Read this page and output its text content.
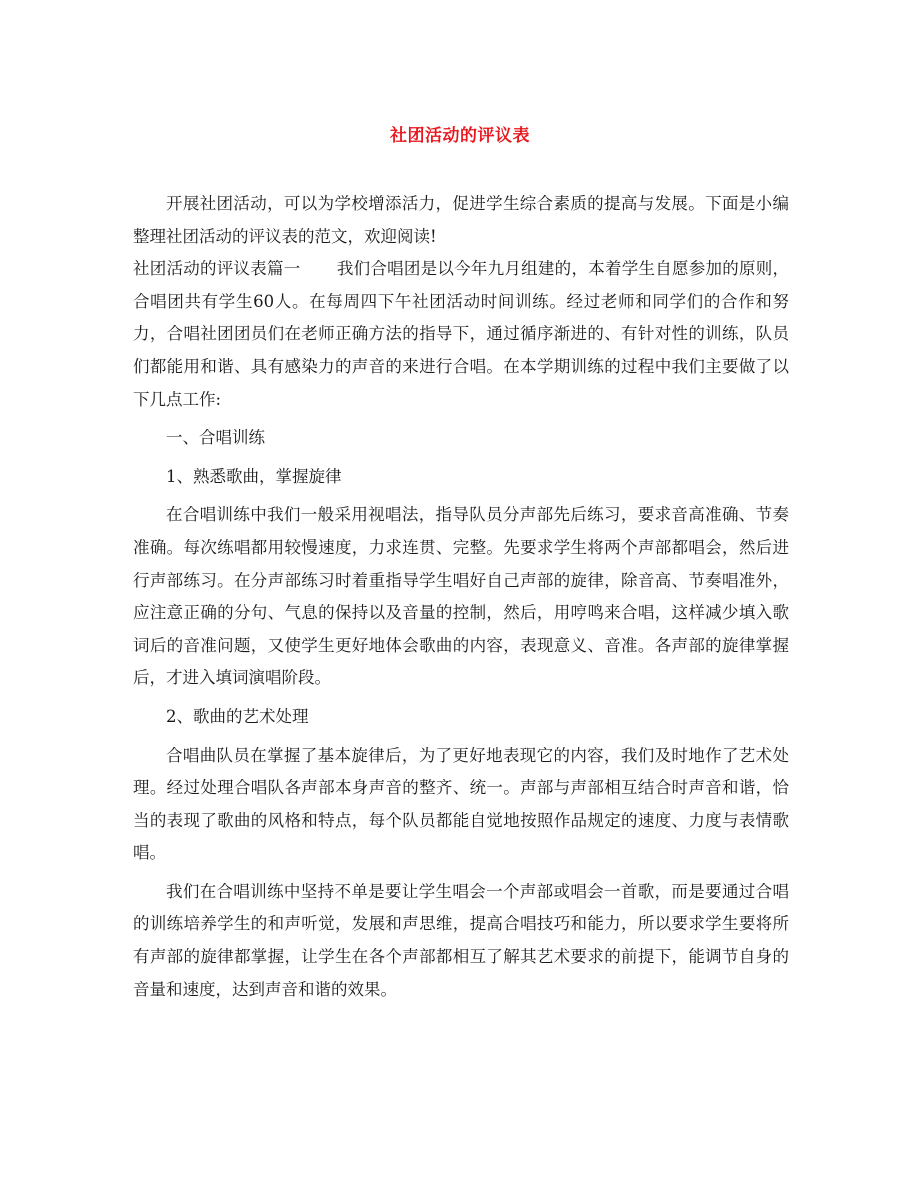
社团活动的评议表

开展社团活动，可以为学校增添活力，促进学生综合素质的提高与发展。下面是小编整理社团活动的评议表的范文，欢迎阅读!

社团活动的评议表篇一 我们合唱团是以今年九月组建的，本着学生自愿参加的原则，合唱团共有学生60人。在每周四下午社团活动时间训练。经过老师和同学们的合作和努力，合唱社团团员们在老师正确方法的指导下，通过循序渐进的、有针对性的训练，队员们都能用和谐、具有感染力的声音的来进行合唱。在本学期训练的过程中我们主要做了以下几点工作:

一、合唱训练

1、熟悉歌曲，掌握旋律

在合唱训练中我们一般采用视唱法，指导队员分声部先后练习，要求音高准确、节奏准确。每次练唱都用较慢速度，力求连贯、完整。先要求学生将两个声部都唱会，然后进行声部练习。在分声部练习时着重指导学生唱好自己声部的旋律，除音高、节奏唱准外，应注意正确的分句、气息的保持以及音量的控制，然后，用哼鸣来合唱，这样减少填入歌词后的音准问题，又使学生更好地体会歌曲的内容，表现意义、音准。各声部的旋律掌握后，才进入填词演唱阶段。

2、歌曲的艺术处理

合唱曲队员在掌握了基本旋律后，为了更好地表现它的内容，我们及时地作了艺术处理。经过处理合唱队各声部本身声音的整齐、统一。声部与声部相互结合时声音和谐，恰当的表现了歌曲的风格和特点，每个队员都能自觉地按照作品规定的速度、力度与表情歌唱。

我们在合唱训练中坚持不单是要让学生唱会一个声部或唱会一首歌，而是要通过合唱的训练培养学生的和声听觉，发展和声思维，提高合唱技巧和能力，所以要求学生要将所有声部的旋律都掌握，让学生在各个声部都相互了解其艺术要求的前提下，能调节自身的音量和速度，达到声音和谐的效果。
